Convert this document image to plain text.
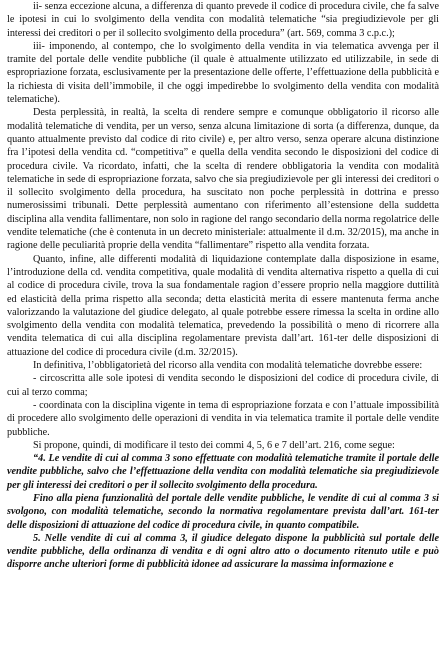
ii- senza eccezione alcuna, a differenza di quanto prevede il codice di procedura civile, che fa salve le ipotesi in cui lo svolgimento della vendita con modalità telematiche “sia pregiudizievole per gli interessi dei creditori o per il sollecito svolgimento della procedura” (art. 569, comma 3 c.p.c.);

iii- imponendo, al contempo, che lo svolgimento della vendita in via telematica avvenga per il tramite del portale delle vendite pubbliche (il quale è attualmente utilizzato ed utilizzabile, in sede di espropriazione forzata, esclusivamente per la presentazione delle offerte, l’effettuazione della pubblicità e la richiesta di visita dell’immobile, il che oggi impedirebbe lo svolgimento della vendita con modalità telematiche).

Desta perplessità, in realtà, la scelta di rendere sempre e comunque obbligatorio il ricorso alle modalità telematiche di vendita, per un verso, senza alcuna limitazione di sorta (a differenza, dunque, da quanto attualmente previsto dal codice di rito civile) e, per altro verso, senza operare alcuna distinzione fra l’ipotesi della vendita cd. “competitiva” e quella della vendita secondo le disposizioni del codice di procedura civile. Va ricordato, infatti, che la scelta di rendere obbligatoria la vendita con modalità telematiche in sede di espropriazione forzata, salvo che sia pregiudizievole per gli interessi dei creditori o il sollecito svolgimento della procedura, ha suscitato non poche perplessità in dottrina e presso numerosissimi tribunali. Dette perplessità aumentano con riferimento all’estensione della suddetta disciplina alla vendita fallimentare, non solo in ragione del rango secondario della norma regolatrice delle vendite telematiche (che è contenuta in un decreto ministeriale: attualmente il d.m. 32/2015), ma anche in ragione delle peculiarità proprie della vendita “fallimentare” rispetto alla vendita forzata.

Quanto, infine, alle differenti modalità di liquidazione contemplate dalla disposizione in esame, l’introduzione della cd. vendita competitiva, quale modalità di vendita alternativa rispetto a quella di cui al codice di procedura civile, trova la sua fondamentale ragion d’essere proprio nella maggiore duttilità ed elasticità della prima rispetto alla seconda; detta elasticità merita di essere mantenuta ferma anche valorizzando la valutazione del giudice delegato, al quale potrebbe essere rimessa la scelta in ordine allo svolgimento della vendita con modalità telematica, prevedendo la possibilità o meno di ricorrere alla vendita telematica di cui alla disciplina regolamentare prevista dall’art. 161-ter delle disposizioni di attuazione del codice di procedura civile (d.m. 32/2015).

In definitiva, l’obbligatorietà del ricorso alla vendita con modalità telematiche dovrebbe essere:

- circoscritta alle sole ipotesi di vendita secondo le disposizioni del codice di procedura civile, di cui al terzo comma;

- coordinata con la disciplina vigente in tema di espropriazione forzata e con l’attuale impossibilità di procedere allo svolgimento delle operazioni di vendita in via telematica tramite il portale delle vendite pubbliche.

Si propone, quindi, di modificare il testo dei commi 4, 5, 6 e 7 dell’art. 216, come segue:

“4. Le vendite di cui al comma 3 sono effettuate con modalità telematiche tramite il portale delle vendite pubbliche, salvo che l’effettuazione della vendita con modalità telematiche sia pregiudizievole per gli interessi dei creditori o per il sollecito svolgimento della procedura.

Fino alla piena funzionalità del portale delle vendite pubbliche, le vendite di cui al comma 3 si svolgono, con modalità telematiche, secondo la normativa regolamentare prevista dall’art. 161-ter delle disposizioni di attuazione del codice di procedura civile, in quanto compatibile.

5. Nelle vendite di cui al comma 3, il giudice delegato dispone la pubblicità sul portale delle vendite pubbliche, della ordinanza di vendita e di ogni altro atto o documento ritenuto utile e può disporre anche ulteriori forme di pubblicità idonee ad assicurare la massima informazione e
